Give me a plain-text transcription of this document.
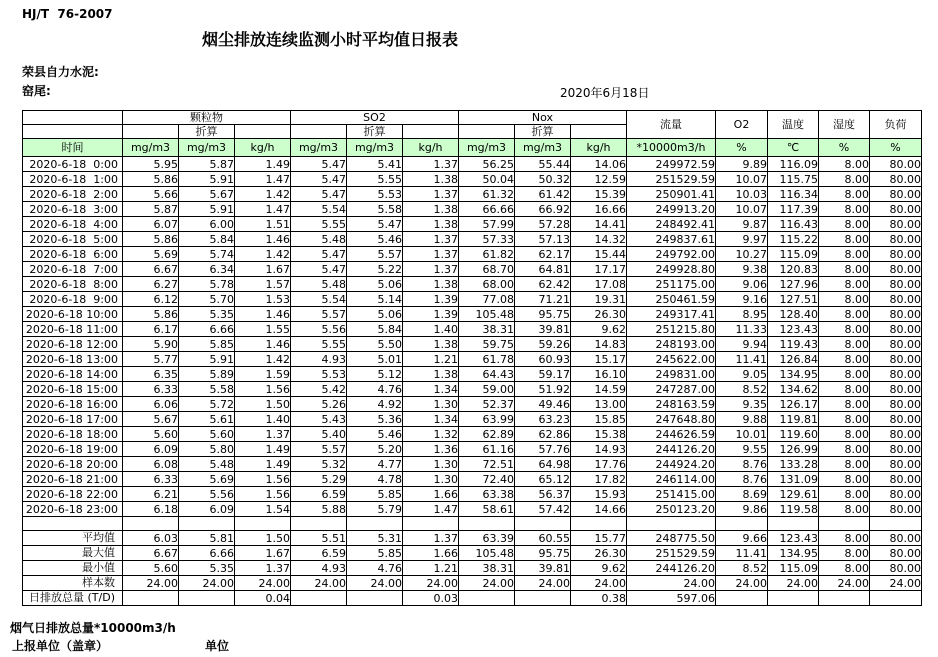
HJ/T  76-2007
烟尘排放连续监测小时平均值日报表
荣县自力水泥:
窑尾:	2020年6月18日
	颗粒物			SO2			Nox			流量	O2	温度	湿度	负荷
		折算			折算			折算						
时间	mg/m3	mg/m3	kg/h	mg/m3	mg/m3	kg/h	mg/m3	mg/m3	kg/h	*10000m3/h	%	℃	%	%
2020-6-18  0:00	5.95	5.87	1.49	5.47	5.41	1.37	56.25	55.44	14.06	249972.59	9.89	116.09	8.00	80.00
2020-6-18  1:00	5.86	5.91	1.47	5.47	5.55	1.38	50.04	50.32	12.59	251529.59	10.07	115.75	8.00	80.00
2020-6-18  2:00	5.66	5.67	1.42	5.47	5.53	1.37	61.32	61.42	15.39	250901.41	10.03	116.34	8.00	80.00
2020-6-18  3:00	5.87	5.91	1.47	5.54	5.58	1.38	66.66	66.92	16.66	249913.20	10.07	117.39	8.00	80.00
2020-6-18  4:00	6.07	6.00	1.51	5.55	5.47	1.38	57.99	57.28	14.41	248492.41	9.87	116.43	8.00	80.00
2020-6-18  5:00	5.86	5.84	1.46	5.48	5.46	1.37	57.33	57.13	14.32	249837.61	9.97	115.22	8.00	80.00
2020-6-18  6:00	5.69	5.74	1.42	5.47	5.57	1.37	61.82	62.17	15.44	249792.00	10.27	115.09	8.00	80.00
2020-6-18  7:00	6.67	6.34	1.67	5.47	5.22	1.37	68.70	64.81	17.17	249928.80	9.38	120.83	8.00	80.00
2020-6-18  8:00	6.27	5.78	1.57	5.48	5.06	1.38	68.00	62.42	17.08	251175.00	9.06	127.96	8.00	80.00
2020-6-18  9:00	6.12	5.70	1.53	5.54	5.14	1.39	77.08	71.21	19.31	250461.59	9.16	127.51	8.00	80.00
2020-6-18 10:00	5.86	5.35	1.46	5.57	5.06	1.39	105.48	95.75	26.30	249317.41	8.95	128.40	8.00	80.00
2020-6-18 11:00	6.17	6.66	1.55	5.56	5.84	1.40	38.31	39.81	9.62	251215.80	11.33	123.43	8.00	80.00
2020-6-18 12:00	5.90	5.85	1.46	5.55	5.50	1.38	59.75	59.26	14.83	248193.00	9.94	119.43	8.00	80.00
2020-6-18 13:00	5.77	5.91	1.42	4.93	5.01	1.21	61.78	60.93	15.17	245622.00	11.41	126.84	8.00	80.00
2020-6-18 14:00	6.35	5.89	1.59	5.53	5.12	1.38	64.43	59.17	16.10	249831.00	9.05	134.95	8.00	80.00
2020-6-18 15:00	6.33	5.58	1.56	5.42	4.76	1.34	59.00	51.92	14.59	247287.00	8.52	134.62	8.00	80.00
2020-6-18 16:00	6.06	5.72	1.50	5.26	4.92	1.30	52.37	49.46	13.00	248163.59	9.35	126.17	8.00	80.00
2020-6-18 17:00	5.67	5.61	1.40	5.43	5.36	1.34	63.99	63.23	15.85	247648.80	9.88	119.81	8.00	80.00
2020-6-18 18:00	5.60	5.60	1.37	5.40	5.46	1.32	62.89	62.86	15.38	244626.59	10.01	119.60	8.00	80.00
2020-6-18 19:00	6.09	5.80	1.49	5.57	5.20	1.36	61.16	57.76	14.93	244126.20	9.55	126.99	8.00	80.00
2020-6-18 20:00	6.08	5.48	1.49	5.32	4.77	1.30	72.51	64.98	17.76	244924.20	8.76	133.28	8.00	80.00
2020-6-18 21:00	6.33	5.69	1.56	5.29	4.78	1.30	72.40	65.12	17.82	246114.00	8.76	131.09	8.00	80.00
2020-6-18 22:00	6.21	5.56	1.56	6.59	5.85	1.66	63.38	56.37	15.93	251415.00	8.69	129.61	8.00	80.00
2020-6-18 23:00	6.18	6.09	1.54	5.88	5.79	1.47	58.61	57.42	14.66	250123.20	9.86	119.58	8.00	80.00

平均值	6.03	5.81	1.50	5.51	5.31	1.37	63.39	60.55	15.77	248775.50	9.66	123.43	8.00	80.00

最大值	6.67	6.66	1.67	6.59	5.85	1.66	105.48	95.75	26.30	251529.59	11.41	134.95	8.00	80.00

最小值	5.60	5.35	1.37	4.93	4.76	1.21	38.31	39.81	9.62	244126.20	8.52	115.09	8.00	80.00

样本数	24.00	24.00	24.00	24.00	24.00	24.00	24.00	24.00	24.00	24.00	24.00	24.00	24.00	24.00

日排放总量 (T/D)			0.04			0.03			0.38	597.06				
烟气日排放总量*10000m3/h
上报单位（盖章）	单位
